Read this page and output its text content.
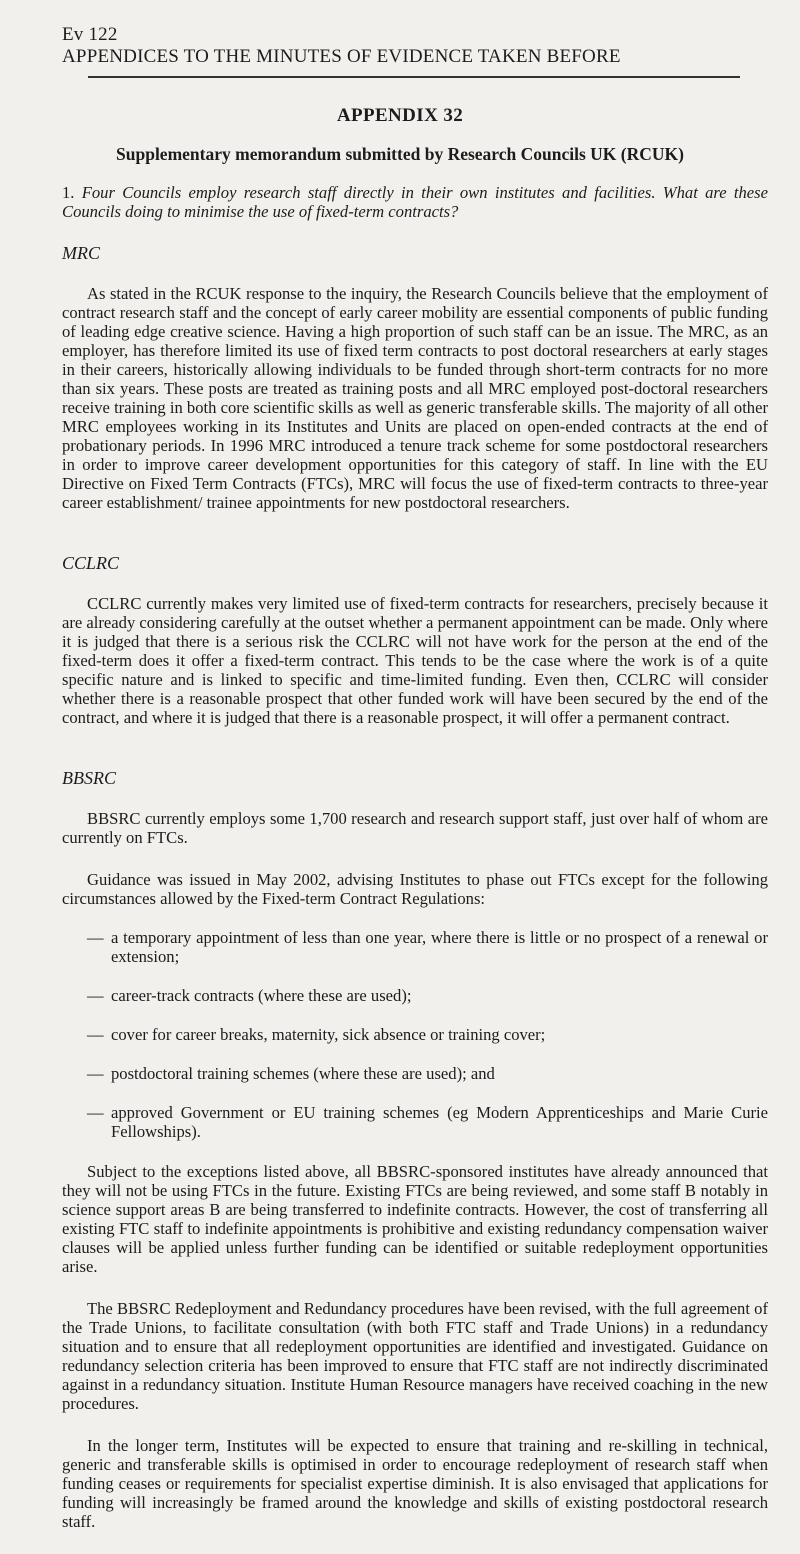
Ev 122APPENDICES TO THE MINUTES OF EVIDENCE TAKEN BEFORE
APPENDIX 32
Supplementary memorandum submitted by Research Councils UK (RCUK)

1. Four Councils employ research staff directly in their own institutes and facilities. What are these Councils doing to minimise the use of fixed-term contracts?

MRC

As stated in the RCUK response to the inquiry, the Research Councils believe that the employment of contract research staff and the concept of early career mobility are essential components of public funding of leading edge creative science. Having a high proportion of such staff can be an issue. The MRC, as an employer, has therefore limited its use of fixed term contracts to post doctoral researchers at early stages in their careers, historically allowing individuals to be funded through short-term contracts for no more than six years. These posts are treated as training posts and all MRC employed post-doctoral researchers receive training in both core scientific skills as well as generic transferable skills. The majority of all other MRC employees working in its Institutes and Units are placed on open-ended contracts at the end of probationary periods. In 1996 MRC introduced a tenure track scheme for some postdoctoral researchers in order to improve career development opportunities for this category of staff. In line with the EU Directive on Fixed Term Contracts (FTCs), MRC will focus the use of fixed-term contracts to three-year career establishment/ trainee appointments for new postdoctoral researchers.

CCLRC

CCLRC currently makes very limited use of fixed-term contracts for researchers, precisely because it are already considering carefully at the outset whether a permanent appointment can be made. Only where it is judged that there is a serious risk the CCLRC will not have work for the person at the end of the fixed-term does it offer a fixed-term contract. This tends to be the case where the work is of a quite specific nature and is linked to specific and time-limited funding. Even then, CCLRC will consider whether there is a reasonable prospect that other funded work will have been secured by the end of the contract, and where it is judged that there is a reasonable prospect, it will offer a permanent contract.

BBSRC

BBSRC currently employs some 1,700 research and research support staff, just over half of whom are currently on FTCs.

Guidance was issued in May 2002, advising Institutes to phase out FTCs except for the following circumstances allowed by the Fixed-term Contract Regulations:

— a temporary appointment of less than one year, where there is little or no prospect of a renewal or extension;
— career-track contracts (where these are used);
— cover for career breaks, maternity, sick absence or training cover;
— postdoctoral training schemes (where these are used); and
— approved Government or EU training schemes (eg Modern Apprenticeships and Marie Curie Fellowships).

Subject to the exceptions listed above, all BBSRC-sponsored institutes have already announced that they will not be using FTCs in the future. Existing FTCs are being reviewed, and some staff B notably in science support areas B are being transferred to indefinite contracts. However, the cost of transferring all existing FTC staff to indefinite appointments is prohibitive and existing redundancy compensation waiver clauses will be applied unless further funding can be identified or suitable redeployment opportunities arise.

The BBSRC Redeployment and Redundancy procedures have been revised, with the full agreement of the Trade Unions, to facilitate consultation (with both FTC staff and Trade Unions) in a redundancy situation and to ensure that all redeployment opportunities are identified and investigated. Guidance on redundancy selection criteria has been improved to ensure that FTC staff are not indirectly discriminated against in a redundancy situation. Institute Human Resource managers have received coaching in the new procedures.

In the longer term, Institutes will be expected to ensure that training and re-skilling in technical, generic and transferable skills is optimised in order to encourage redeployment of research staff when funding ceases or requirements for specialist expertise diminish. It is also envisaged that applications for funding will increasingly be framed around the knowledge and skills of existing postdoctoral research staff.
